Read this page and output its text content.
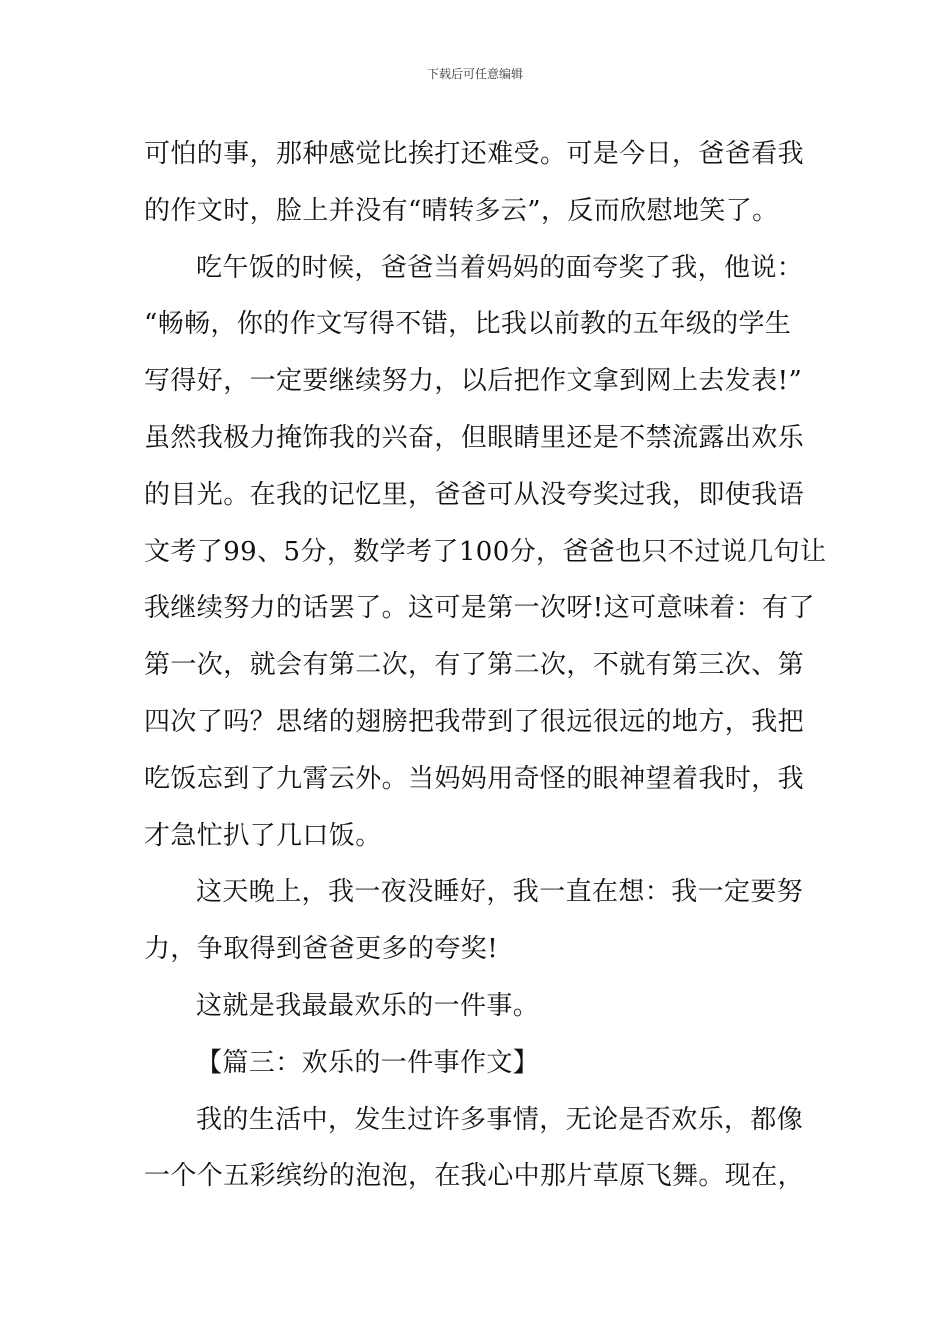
下载后可任意编辑
可怕的事，那种感觉比挨打还难受。可是今日，爸爸看我
的作文时，脸上并没有“晴转多云”，反而欣慰地笑了。
吃午饭的时候，爸爸当着妈妈的面夸奖了我，他说：
“畅畅，你的作文写得不错，比我以前教的五年级的学生
写得好，一定要继续努力，以后把作文拿到网上去发表!”
虽然我极力掩饰我的兴奋，但眼睛里还是不禁流露出欢乐
的目光。在我的记忆里，爸爸可从没夸奖过我，即使我语
文考了99、5分，数学考了100分，爸爸也只不过说几句让
我继续努力的话罢了。这可是第一次呀!这可意味着：有了
第一次，就会有第二次，有了第二次，不就有第三次、第
四次了吗？思绪的翅膀把我带到了很远很远的地方，我把
吃饭忘到了九霄云外。当妈妈用奇怪的眼神望着我时，我
才急忙扒了几口饭。
这天晚上，我一夜没睡好，我一直在想：我一定要努
力，争取得到爸爸更多的夸奖!
这就是我最最欢乐的一件事。
【篇三：欢乐的一件事作文】
我的生活中，发生过许多事情，无论是否欢乐，都像
一个个五彩缤纷的泡泡，在我心中那片草原飞舞。现在，
